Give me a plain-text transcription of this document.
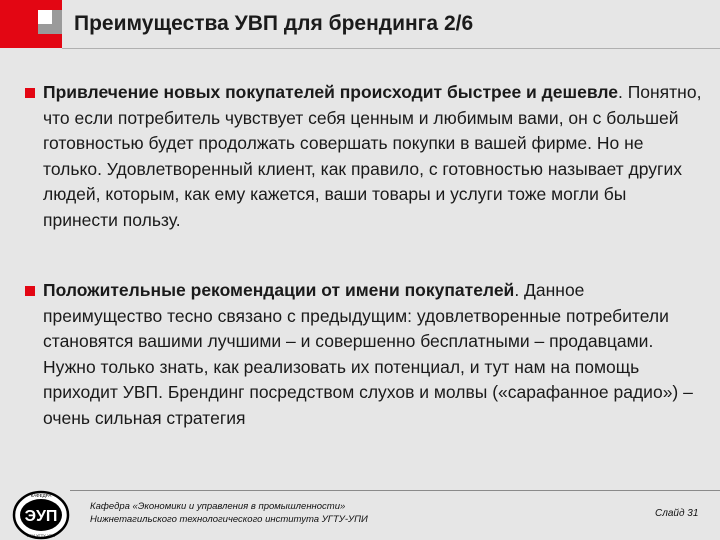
Преимущества УВП для брендинга 2/6
Привлечение новых покупателей происходит быстрее и дешевле. Понятно, что если потребитель чувствует себя ценным и любимым вами, он с большей готовностью будет продолжать совершать покупки в вашей фирме. Но не только. Удовлетворенный клиент, как правило, с готовностью называет других людей, которым, как ему кажется, ваши товары и услуги тоже могли бы принести пользу.
Положительные рекомендации от имени покупателей. Данное преимущество тесно связано с предыдущим: удовлетворенные потребители становятся вашими лучшими – и совершенно бесплатными – продавцами. Нужно только знать, как реализовать их потенциал, и тут нам на помощь приходит УВП. Брендинг посредством слухов и молвы («сарафанное радио») – очень сильная стратегия
ЭУП
КАФЕДРА
НТИ УГТУ-УПИ
Кафедра «Экономики и управления в промышленности»
Нижнетагильского технологического института УГТУ-УПИ
Слайд 31
